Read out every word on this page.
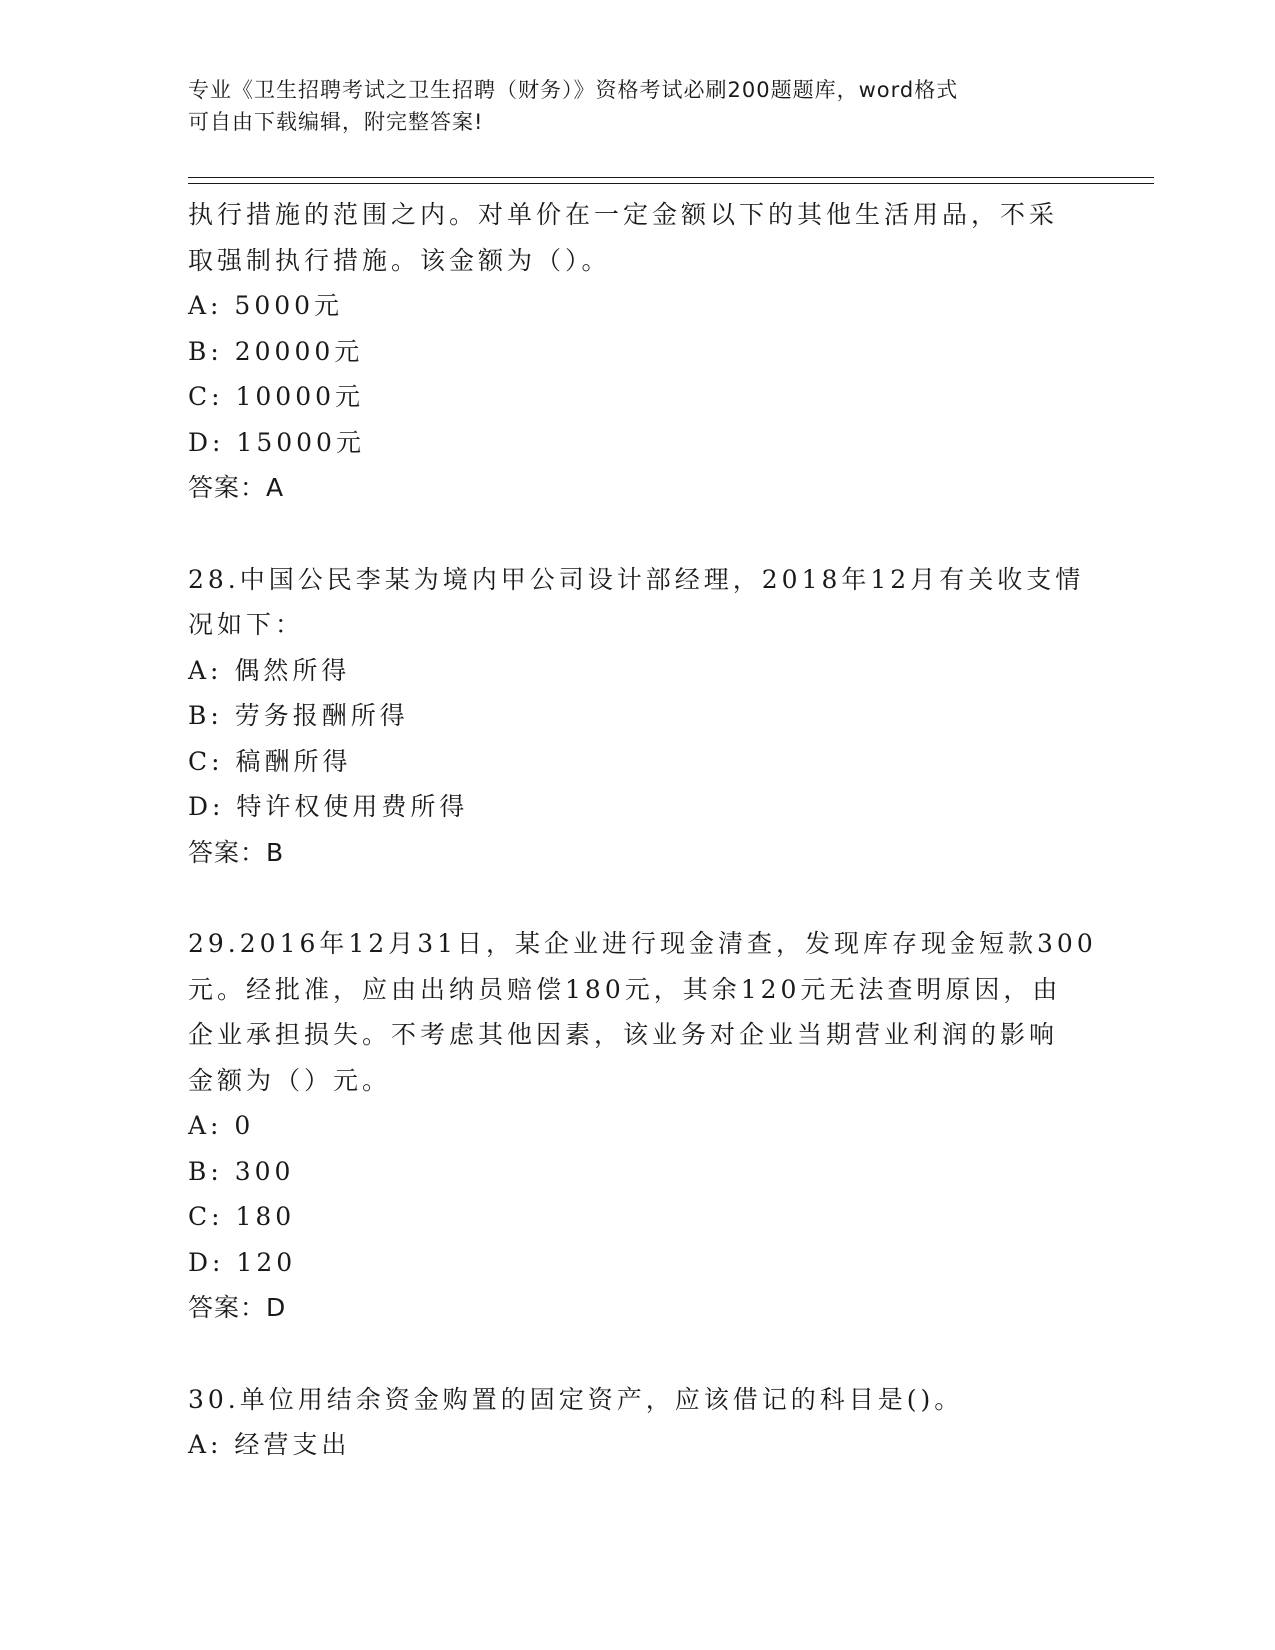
专业《卫生招聘考试之卫生招聘（财务）》资格考试必刷200题题库，word格式
可自由下载编辑，附完整答案!
执行措施的范围之内。对单价在一定金额以下的其他生活用品，不采
取强制执行措施。该金额为（）。
A: 5000元
B: 20000元
C: 10000元
D: 15000元
答案：A
28.中国公民李某为境内甲公司设计部经理，2018年12月有关收支情
况如下：
A: 偶然所得
B: 劳务报酬所得
C: 稿酬所得
D: 特许权使用费所得
答案：B
29.2016年12月31日，某企业进行现金清查，发现库存现金短款300
元。经批准，应由出纳员赔偿180元，其余120元无法查明原因，由
企业承担损失。不考虑其他因素，该业务对企业当期营业利润的影响
金额为（）元。
A: 0
B: 300
C: 180
D: 120
答案：D
30.单位用结余资金购置的固定资产，应该借记的科目是()。
A: 经营支出
